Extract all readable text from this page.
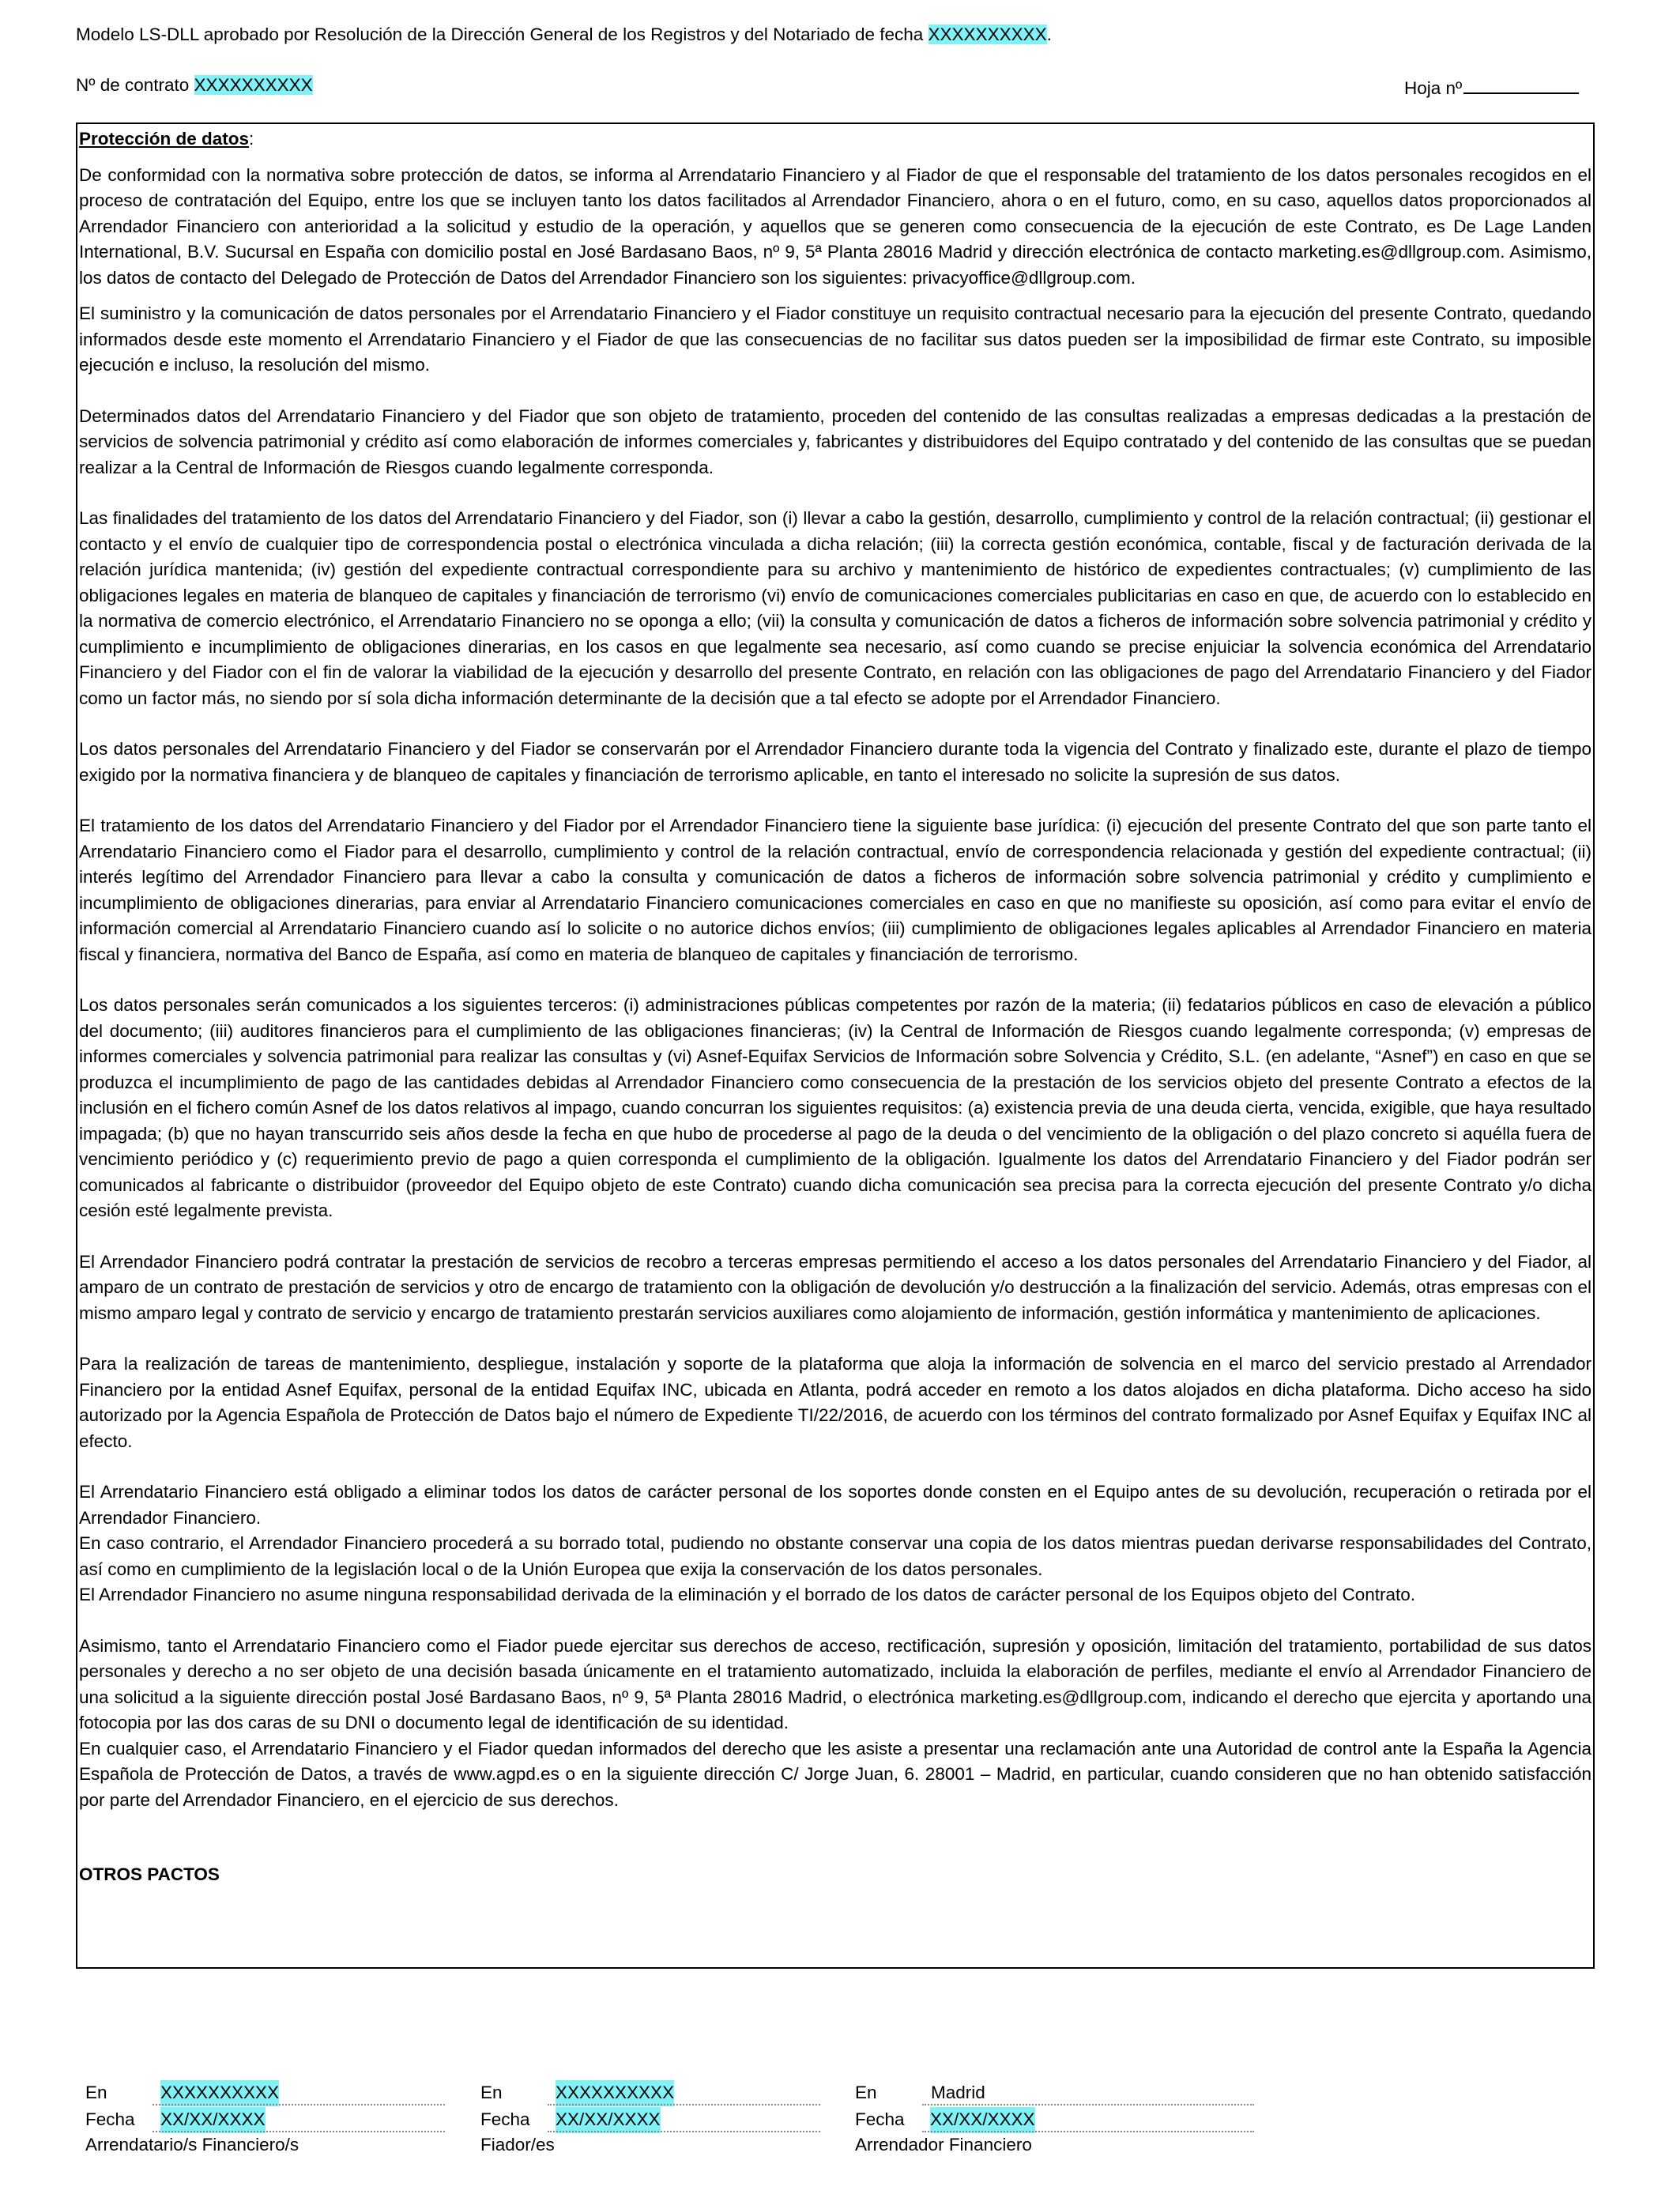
Modelo LS-DLL aprobado por Resolución de la Dirección General de los Registros y del Notariado de fecha XXXXXXXXXX.
Nº de contrato XXXXXXXXXX	Hoja nº

Protección de datos:

De conformidad con la normativa sobre protección de datos, se informa al Arrendatario Financiero y al Fiador de que el responsable del tratamiento de los datos personales recogidos en el proceso de contratación del Equipo, entre los que se incluyen tanto los datos facilitados al Arrendador Financiero, ahora o en el futuro, como, en su caso, aquellos datos proporcionados al Arrendador Financiero con anterioridad a la solicitud y estudio de la operación, y aquellos que se generen como consecuencia de la ejecución de este Contrato, es De Lage Landen International, B.V. Sucursal en España con domicilio postal en José Bardasano Baos, nº 9, 5ª Planta 28016 Madrid y dirección electrónica de contacto marketing.es@dllgroup.com. Asimismo, los datos de contacto del Delegado de Protección de Datos del Arrendador Financiero son los siguientes: privacyoffice@dllgroup.com.

El suministro y la comunicación de datos personales por el Arrendatario Financiero y el Fiador constituye un requisito contractual necesario para la ejecución del presente Contrato, quedando informados desde este momento el Arrendatario Financiero y el Fiador de que las consecuencias de no facilitar sus datos pueden ser la imposibilidad de firmar este Contrato, su imposible ejecución e incluso, la resolución del mismo.

Determinados datos del Arrendatario Financiero y del Fiador que son objeto de tratamiento, proceden del contenido de las consultas realizadas a empresas dedicadas a la prestación de servicios de solvencia patrimonial y crédito así como elaboración de informes comerciales y, fabricantes y distribuidores del Equipo contratado y del contenido de las consultas que se puedan realizar a la Central de Información de Riesgos cuando legalmente corresponda.

Las finalidades del tratamiento de los datos del Arrendatario Financiero y del Fiador, son (i) llevar a cabo la gestión, desarrollo, cumplimiento y control de la relación contractual; (ii) gestionar el contacto y el envío de cualquier tipo de correspondencia postal o electrónica vinculada a dicha relación; (iii) la correcta gestión económica, contable, fiscal y de facturación derivada de la relación jurídica mantenida; (iv) gestión del expediente contractual correspondiente para su archivo y mantenimiento de histórico de expedientes contractuales; (v) cumplimiento de las obligaciones legales en materia de blanqueo de capitales y financiación de terrorismo (vi) envío de comunicaciones comerciales publicitarias en caso en que, de acuerdo con lo establecido en la normativa de comercio electrónico, el Arrendatario Financiero no se oponga a ello; (vii) la consulta y comunicación de datos a ficheros de información sobre solvencia patrimonial y crédito y cumplimiento e incumplimiento de obligaciones dinerarias, en los casos en que legalmente sea necesario, así como cuando se precise enjuiciar la solvencia económica del Arrendatario Financiero y del Fiador con el fin de valorar la viabilidad de la ejecución y desarrollo del presente Contrato, en relación con las obligaciones de pago del Arrendatario Financiero y del Fiador como un factor más, no siendo por sí sola dicha información determinante de la decisión que a tal efecto se adopte por el Arrendador Financiero.

Los datos personales del Arrendatario Financiero y del Fiador se conservarán por el Arrendador Financiero durante toda la vigencia del Contrato y finalizado este, durante el plazo de tiempo exigido por la normativa financiera y de blanqueo de capitales y financiación de terrorismo aplicable, en tanto el interesado no solicite la supresión de sus datos.

El tratamiento de los datos del Arrendatario Financiero y del Fiador por el Arrendador Financiero tiene la siguiente base jurídica: (i) ejecución del presente Contrato del que son parte tanto el Arrendatario Financiero como el Fiador para el desarrollo, cumplimiento y control de la relación contractual, envío de correspondencia relacionada y gestión del expediente contractual; (ii) interés legítimo del Arrendador Financiero para llevar a cabo la consulta y comunicación de datos a ficheros de información sobre solvencia patrimonial y crédito y cumplimiento e incumplimiento de obligaciones dinerarias, para enviar al Arrendatario Financiero comunicaciones comerciales en caso en que no manifieste su oposición, así como para evitar el envío de información comercial al Arrendatario Financiero cuando así lo solicite o no autorice dichos envíos; (iii) cumplimiento de obligaciones legales aplicables al Arrendador Financiero en materia fiscal y financiera, normativa del Banco de España, así como en materia de blanqueo de capitales y financiación de terrorismo.

Los datos personales serán comunicados a los siguientes terceros: (i) administraciones públicas competentes por razón de la materia; (ii) fedatarios públicos en caso de elevación a público del documento; (iii) auditores financieros para el cumplimiento de las obligaciones financieras; (iv) la Central de Información de Riesgos cuando legalmente corresponda; (v) empresas de informes comerciales y solvencia patrimonial para realizar las consultas y (vi) Asnef-Equifax Servicios de Información sobre Solvencia y Crédito, S.L. (en adelante, “Asnef”) en caso en que se produzca el incumplimiento de pago de las cantidades debidas al Arrendador Financiero como consecuencia de la prestación de los servicios objeto del presente Contrato a efectos de la inclusión en el fichero común Asnef de los datos relativos al impago, cuando concurran los siguientes requisitos: (a) existencia previa de una deuda cierta, vencida, exigible, que haya resultado impagada; (b) que no hayan transcurrido seis años desde la fecha en que hubo de procederse al pago de la deuda o del vencimiento de la obligación o del plazo concreto si aquélla fuera de vencimiento periódico y (c) requerimiento previo de pago a quien corresponda el cumplimiento de la obligación. Igualmente los datos del Arrendatario Financiero y del Fiador podrán ser comunicados al fabricante o distribuidor (proveedor del Equipo objeto de este Contrato) cuando dicha comunicación sea precisa para la correcta ejecución del presente Contrato y/o dicha cesión esté legalmente prevista.

El Arrendador Financiero podrá contratar la prestación de servicios de recobro a terceras empresas permitiendo el acceso a los datos personales del Arrendatario Financiero y del Fiador, al amparo de un contrato de prestación de servicios y otro de encargo de tratamiento con la obligación de devolución y/o destrucción a la finalización del servicio. Además, otras empresas con el mismo amparo legal y contrato de servicio y encargo de tratamiento prestarán servicios auxiliares como alojamiento de información, gestión informática y mantenimiento de aplicaciones.

Para la realización de tareas de mantenimiento, despliegue, instalación y soporte de la plataforma que aloja la información de solvencia en el marco del servicio prestado al Arrendador Financiero por la entidad Asnef Equifax, personal de la entidad Equifax INC, ubicada en Atlanta, podrá acceder en remoto a los datos alojados en dicha plataforma. Dicho acceso ha sido autorizado por la Agencia Española de Protección de Datos bajo el número de Expediente TI/22/2016, de acuerdo con los términos del contrato formalizado por Asnef Equifax y Equifax INC al efecto.

El Arrendatario Financiero está obligado a eliminar todos los datos de carácter personal de los soportes donde consten en el Equipo antes de su devolución, recuperación o retirada por el Arrendador Financiero.

En caso contrario, el Arrendador Financiero procederá a su borrado total, pudiendo no obstante conservar una copia de los datos mientras puedan derivarse responsabilidades del Contrato, así como en cumplimiento de la legislación local o de la Unión Europea que exija la conservación de los datos personales.

El Arrendador Financiero no asume ninguna responsabilidad derivada de la eliminación y el borrado de los datos de carácter personal de los Equipos objeto del Contrato.

Asimismo, tanto el Arrendatario Financiero como el Fiador puede ejercitar sus derechos de acceso, rectificación, supresión y oposición, limitación del tratamiento, portabilidad de sus datos personales y derecho a no ser objeto de una decisión basada únicamente en el tratamiento automatizado, incluida la elaboración de perfiles, mediante el envío al Arrendador Financiero de una solicitud a la siguiente dirección postal José Bardasano Baos, nº 9, 5ª Planta 28016 Madrid, o electrónica marketing.es@dllgroup.com, indicando el derecho que ejercita y aportando una fotocopia por las dos caras de su DNI o documento legal de identificación de su identidad.

En cualquier caso, el Arrendatario Financiero y el Fiador quedan informados del derecho que les asiste a presentar una reclamación ante una Autoridad de control ante la España la Agencia Española de Protección de Datos, a través de www.agpd.es o en la siguiente dirección C/ Jorge Juan, 6. 28001 – Madrid, en particular, cuando consideren que no han obtenido satisfacción por parte del Arrendador Financiero, en el ejercicio de sus derechos.

OTROS PACTOS

En	XXXXXXXXXX
Fecha XX/XX/XXXX
Arrendatario/s Financiero/s
En	XXXXXXXXXX
Fecha XX/XX/XXXX
Fiador/es
En	Madrid
Fecha XX/XX/XXXX
Arrendador Financiero
